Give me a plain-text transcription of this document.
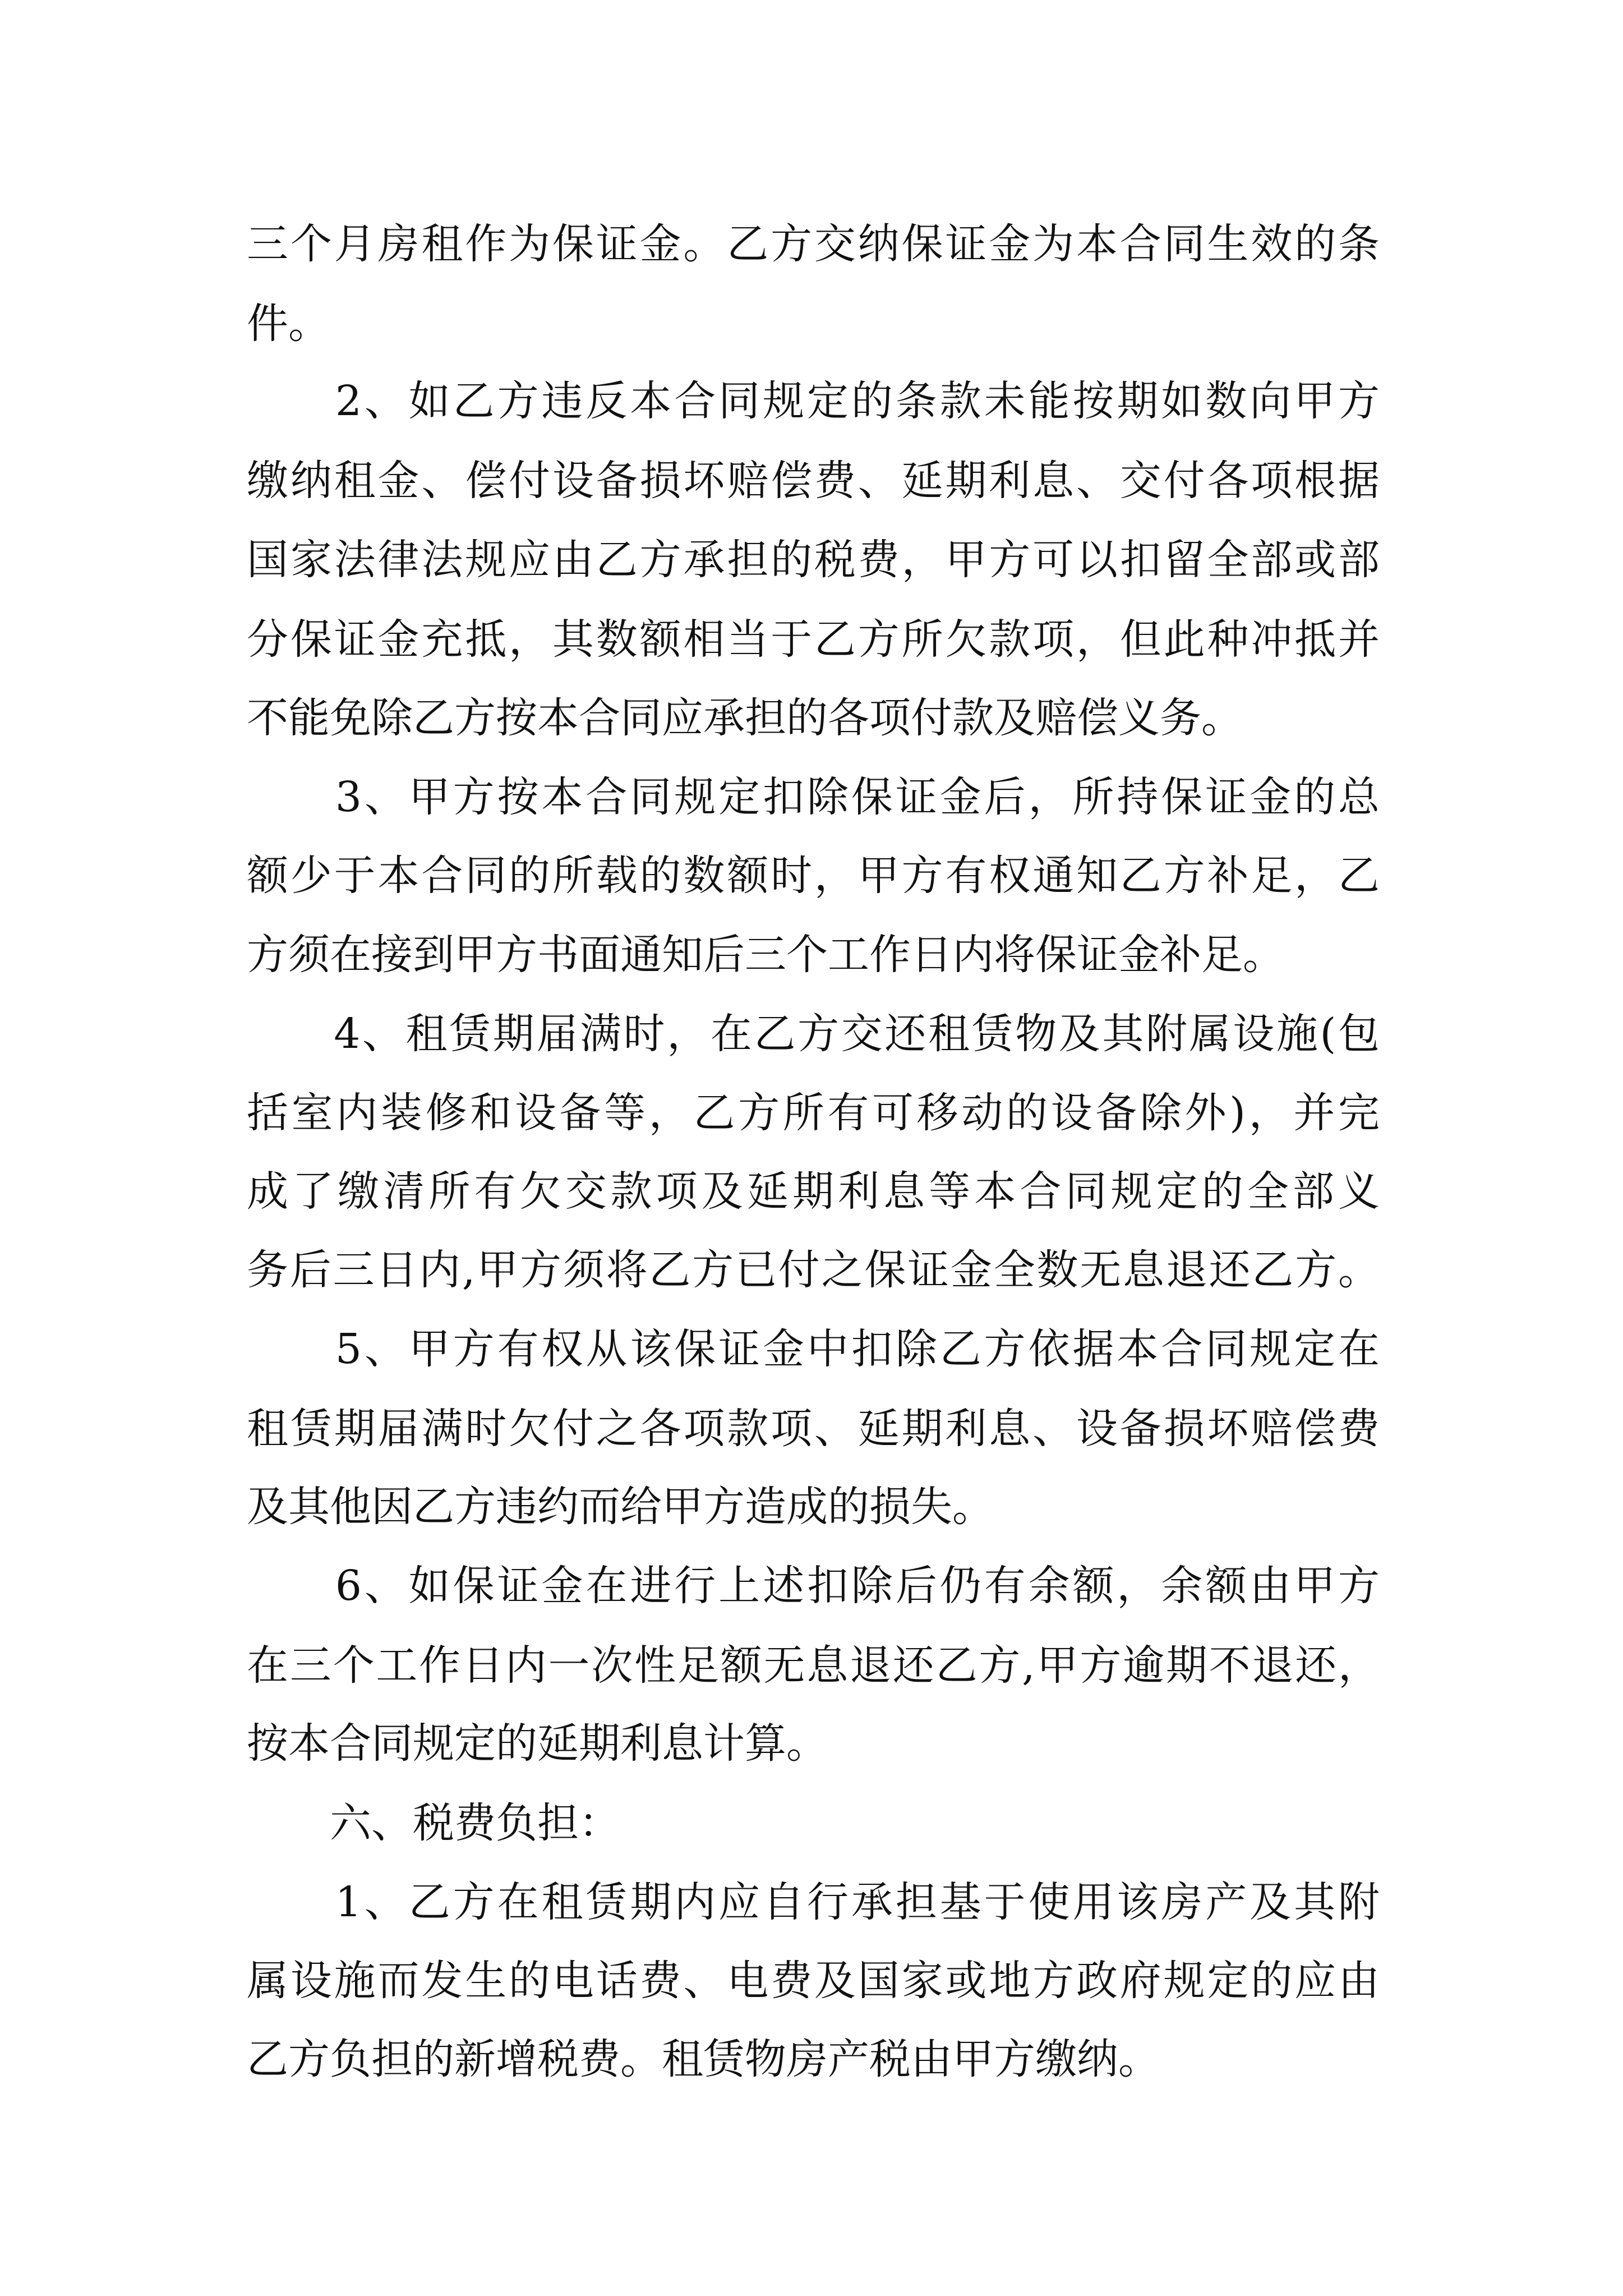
三个月房租作为保证金。乙方交纳保证金为本合同生效的条
件。
　　2、如乙方违反本合同规定的条款未能按期如数向甲方
缴纳租金、偿付设备损坏赔偿费、延期利息、交付各项根据
国家法律法规应由乙方承担的税费，甲方可以扣留全部或部
分保证金充抵，其数额相当于乙方所欠款项，但此种冲抵并
不能免除乙方按本合同应承担的各项付款及赔偿义务。
　　3、甲方按本合同规定扣除保证金后，所持保证金的总
额少于本合同的所载的数额时，甲方有权通知乙方补足，乙
方须在接到甲方书面通知后三个工作日内将保证金补足。
　　4、租赁期届满时，在乙方交还租赁物及其附属设施(包
括室内装修和设备等，乙方所有可移动的设备除外)，并完
成了缴清所有欠交款项及延期利息等本合同规定的全部义
务后三日内,甲方须将乙方已付之保证金全数无息退还乙方。
　　5、甲方有权从该保证金中扣除乙方依据本合同规定在
租赁期届满时欠付之各项款项、延期利息、设备损坏赔偿费
及其他因乙方违约而给甲方造成的损失。
　　6、如保证金在进行上述扣除后仍有余额，余额由甲方
在三个工作日内一次性足额无息退还乙方,甲方逾期不退还，
按本合同规定的延期利息计算。
　　六、税费负担：
　　1、乙方在租赁期内应自行承担基于使用该房产及其附
属设施而发生的电话费、电费及国家或地方政府规定的应由
乙方负担的新增税费。租赁物房产税由甲方缴纳。
